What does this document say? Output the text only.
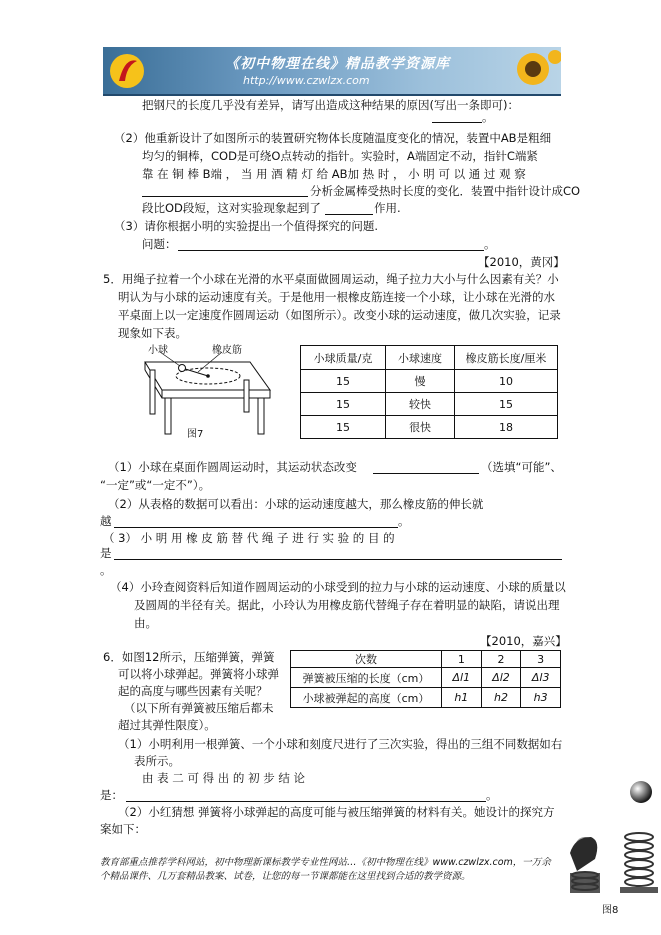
《初中物理在线》精品教学资源库
http://www.czwlzx.com
把钢尺的长度几乎没有差异，请写出造成这种结果的原因(写出一条即可)：
。
（2）他重新设计了如图所示的装置研究物体长度随温度变化的情况，装置中AB是粗细
均匀的铜棒，COD是可绕O点转动的指针。实验时，A端固定不动，指针C端紧
靠 在 铜 棒 B端 ， 当 用 酒 精 灯 给 AB加 热 时 ， 小 明 可 以 通 过 观 察
分析金属棒受热时长度的变化．装置中指针设计成CO
段比OD段短，这对实验现象起到了	作用.
（3）请你根据小明的实验提出一个值得探究的问题.
问题：	。
【2010，黄冈】
5．用绳子拉着一个小球在光滑的水平桌面做圆周运动，绳子拉力大小与什么因素有关？小
明认为与小球的运动速度有关。于是他用一根橡皮筋连接一个小球，让小球在光滑的水
平桌面上以一定速度作圆周运动（如图所示）。改变小球的运动速度，做几次实验，记录
现象如下表。
小球	橡皮筋
图7
小球质量/克	小球速度	橡皮筋长度/厘米
15	慢	10
15	较快	15
15	很快	18
（1）小球在桌面作圆周运动时，其运动状态改变	（选填“可能”、
“一定”或“一定不”）。
（2）从表格的数据可以看出：小球的运动速度越大，那么橡皮筋的伸长就
越	。
（ 3） 小 明 用 橡 皮 筋 替 代 绳 子 进 行 实 验 的 目 的
是
。
（4）小玲查阅资料后知道作圆周运动的小球受到的拉力与小球的运动速度、小球的质量以
及圆周的半径有关。据此，小玲认为用橡皮筋代替绳子存在着明显的缺陷，请说出理
由。
【2010，嘉兴】
6．如图12所示，压缩弹簧，弹簧
可以将小球弹起。弹簧将小球弹
起的高度与哪些因素有关呢？
（以下所有弹簧被压缩后都未
超过其弹性限度）。
次数	1	2	3
弹簧被压缩的长度（cm）	Δl1	Δl2	Δl3
小球被弹起的高度（cm）	h1	h2	h3
（1）小明利用一根弹簧、一个小球和刻度尺进行了三次实验，得出的三组不同数据如右
表所示。
由 表 二 可 得 出 的 初 步 结 论
是：	。
（2）小红猜想 弹簧将小球弹起的高度可能与被压缩弹簧的材料有关。她设计的探究方
案如下：
图8
教育部重点推荐学科网站，初中物理新课标教学专业性网站…《初中物理在线》www.czwlzx.com，一万余
个精品课件、几万套精品教案、试卷，让您的每一节课都能在这里找到合适的教学资源。
